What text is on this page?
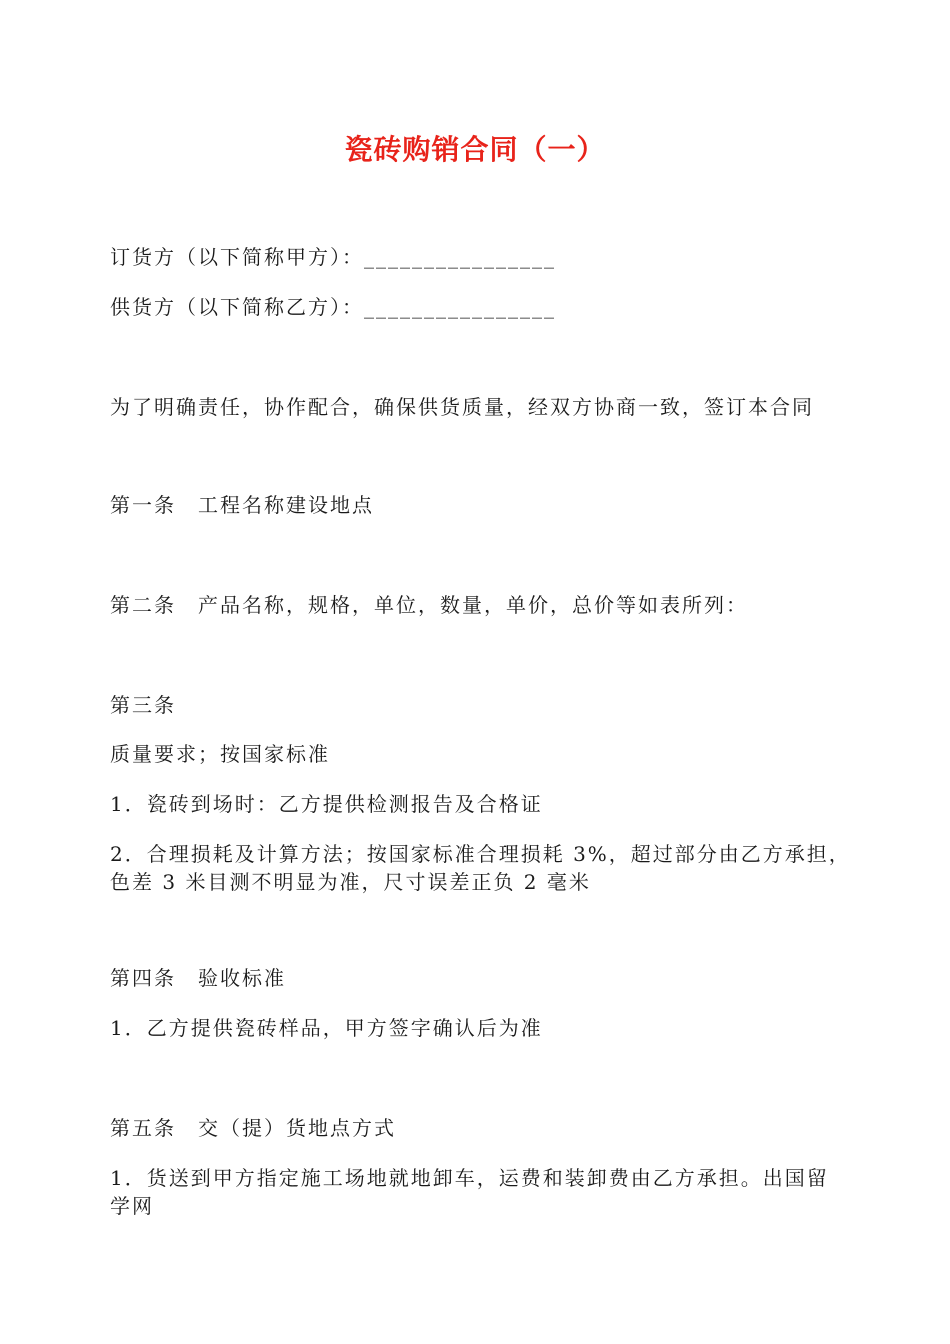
瓷砖购销合同（一）
订货方（以下简称甲方）：________________
供货方（以下简称乙方）：________________
为了明确责任，协作配合，确保供货质量，经双方协商一致，签订本合同
第一条 工程名称建设地点
第二条 产品名称，规格，单位，数量，单价，总价等如表所列：
第三条
质量要求；按国家标准
1．瓷砖到场时：乙方提供检测报告及合格证
2．合理损耗及计算方法；按国家标准合理损耗 3%，超过部分由乙方承担，
色差 3 米目测不明显为准，尺寸误差正负 2 毫米
第四条 验收标准
1．乙方提供瓷砖样品，甲方签字确认后为准
第五条 交（提）货地点方式
1．货送到甲方指定施工场地就地卸车，运费和装卸费由乙方承担。出国留
学网
